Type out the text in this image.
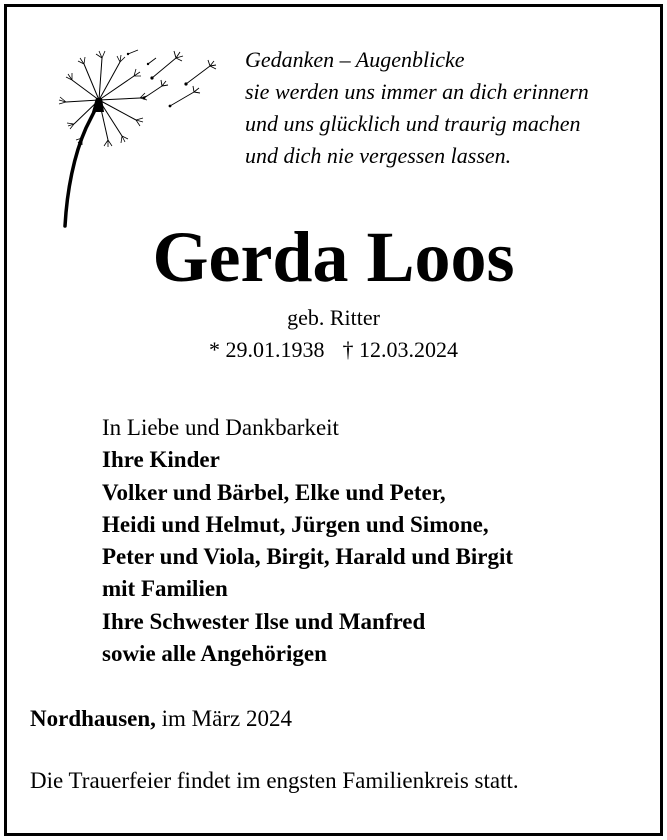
Gedanken – Augenblicke
sie werden uns immer an dich erinnern
und uns glücklich und traurig machen
und dich nie vergessen lassen.
Gerda Loos
geb. Ritter
* 29.01.1938 † 12.03.2024
In Liebe und Dankbarkeit
Ihre Kinder
Volker und Bärbel, Elke und Peter,
Heidi und Helmut, Jürgen und Simone,
Peter und Viola, Birgit, Harald und Birgit
mit Familien
Ihre Schwester Ilse und Manfred
sowie alle Angehörigen
Nordhausen, im März 2024
Die Trauerfeier findet im engsten Familienkreis statt.
